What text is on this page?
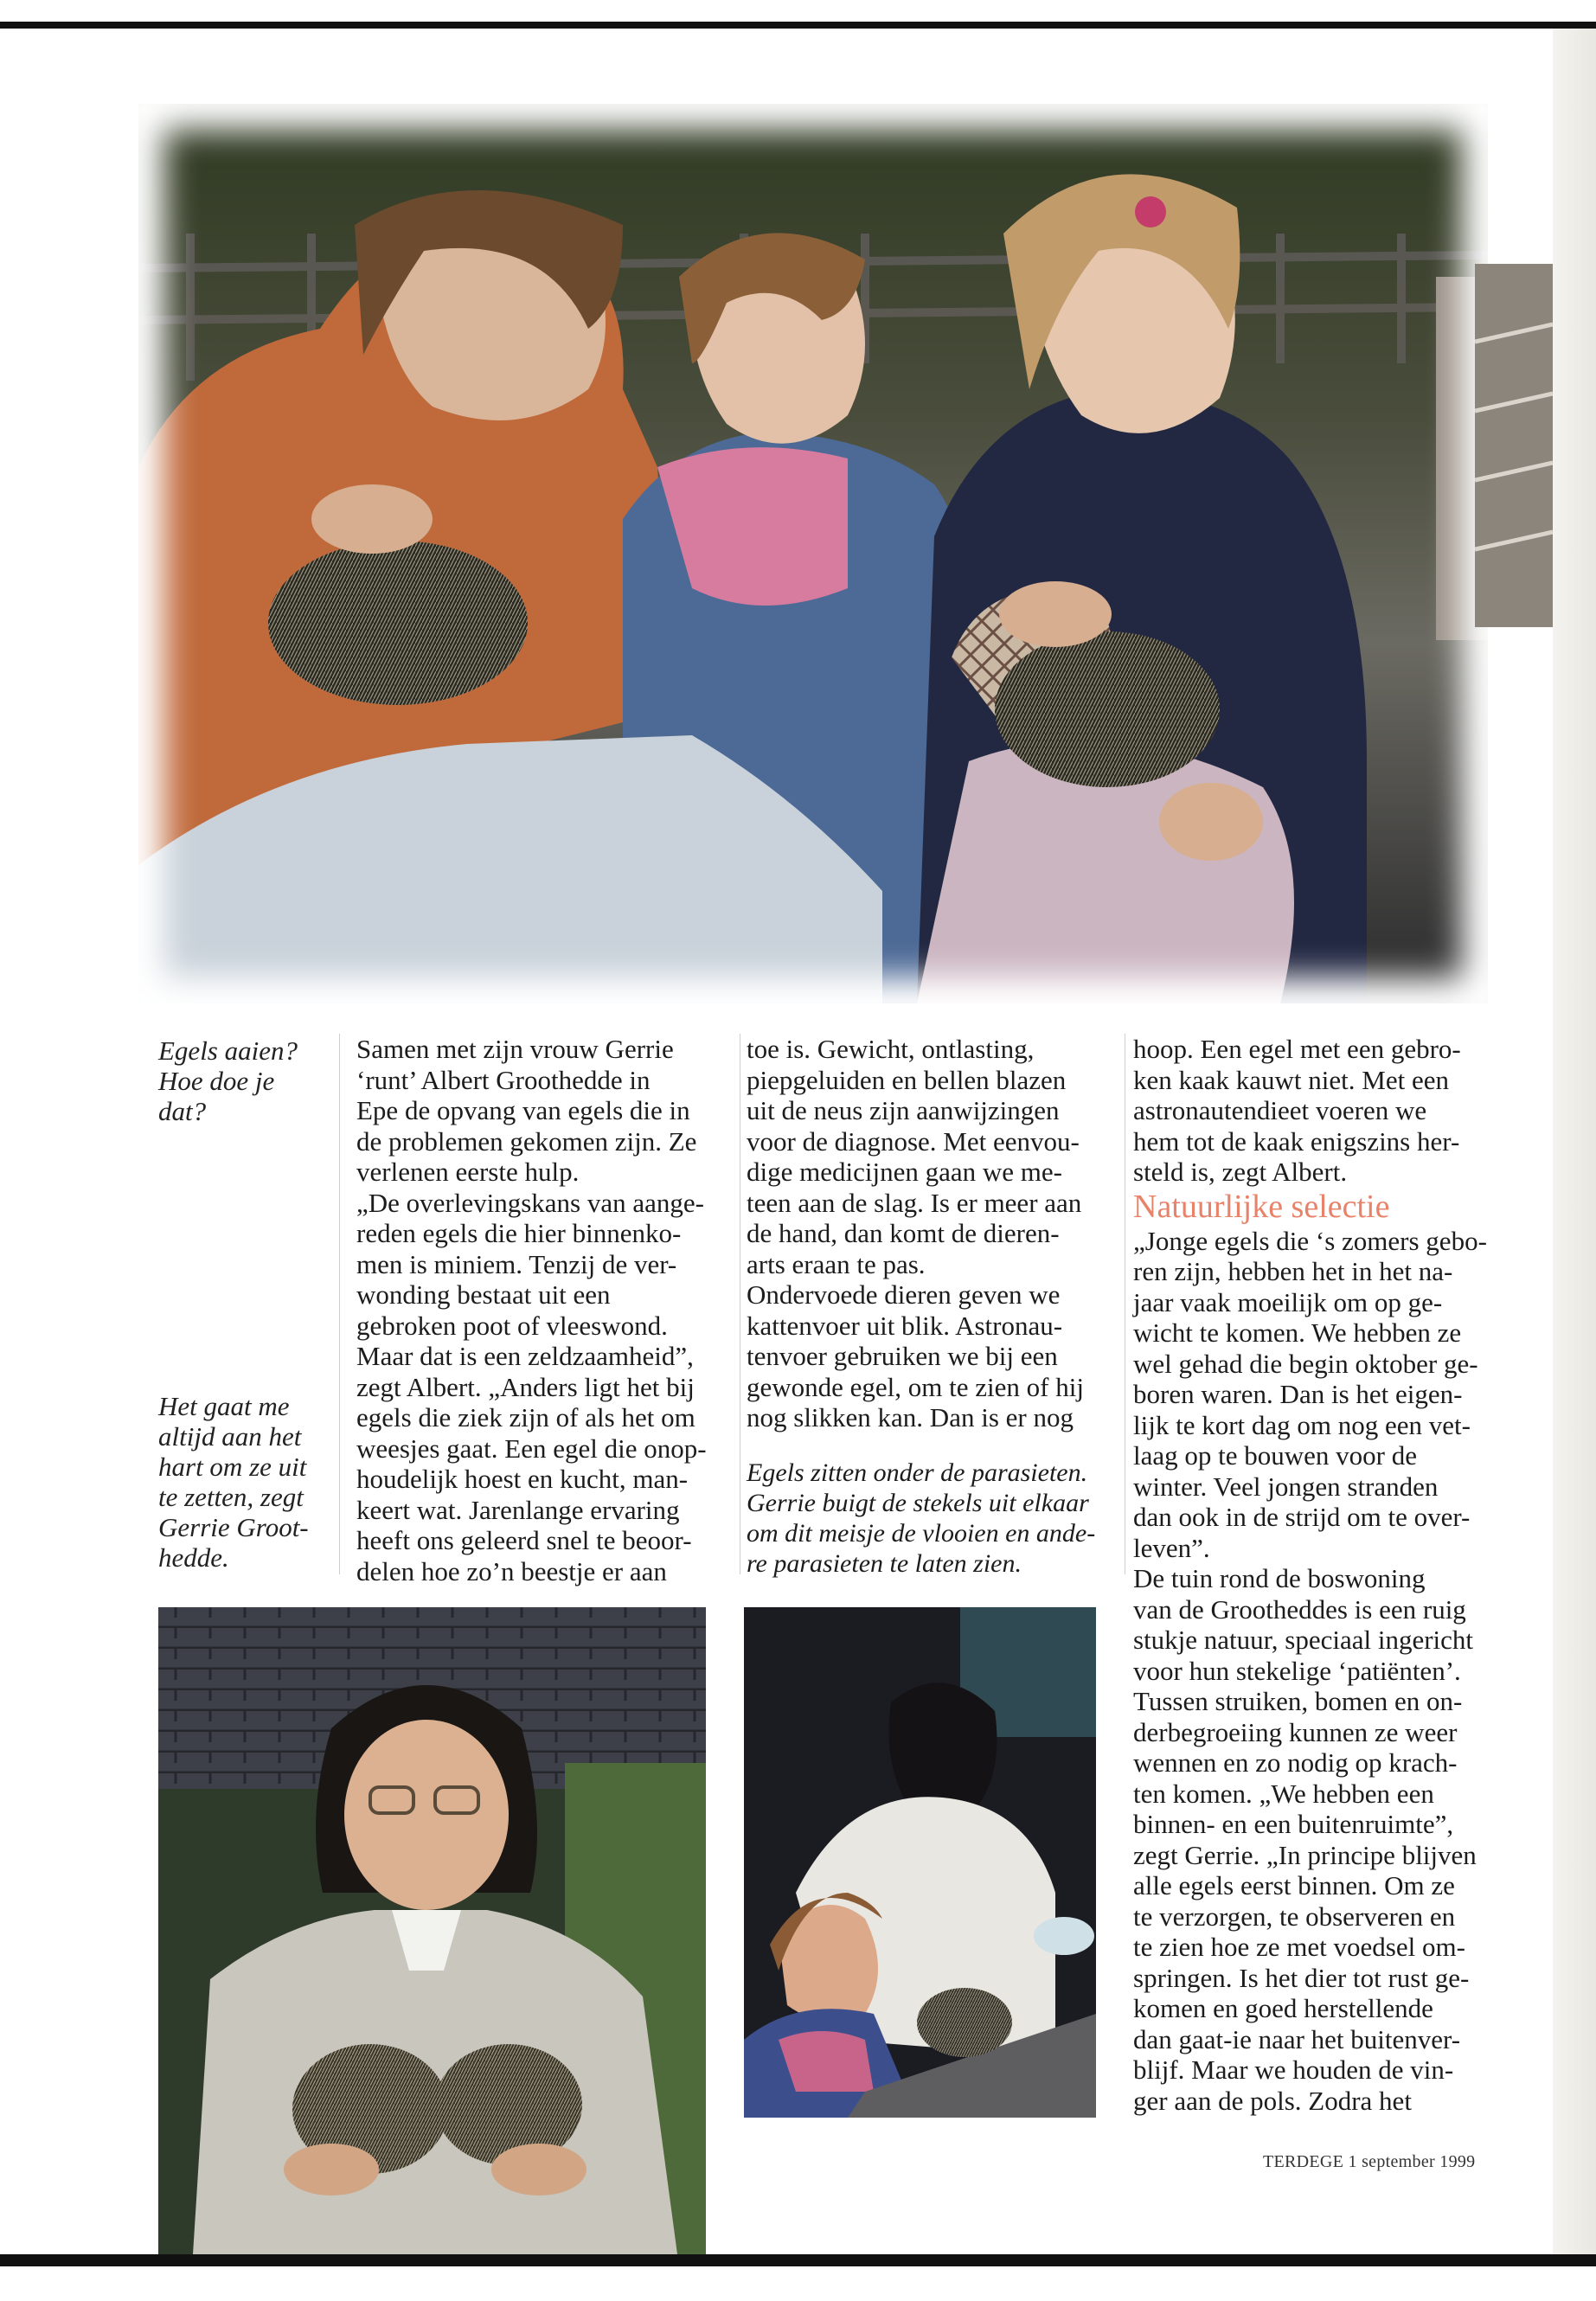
Egels aaien?

Hoe doe je

dat?

Het gaat me

altijd aan het

hart om ze uit

te zetten, zegt

Gerrie Groot-

hedde.

Samen met zijn vrouw Gerrie

‘runt’ Albert Groothedde in

Epe de opvang van egels die in

de problemen gekomen zijn. Ze

verlenen eerste hulp.

„De overlevingskans van aange-

reden egels die hier binnenko-

men is miniem. Tenzij de ver-

wonding bestaat uit een

gebroken poot of vleeswond.

Maar dat is een zeldzaamheid”,

zegt Albert. „Anders ligt het bij

egels die ziek zijn of als het om

weesjes gaat. Een egel die onop-

houdelijk hoest en kucht, man-

keert wat. Jarenlange ervaring

heeft ons geleerd snel te beoor-

delen hoe zo’n beestje er aan

toe is. Gewicht, ontlasting,

piepgeluiden en bellen blazen

uit de neus zijn aanwijzingen

voor de diagnose. Met eenvou-

dige medicijnen gaan we me-

teen aan de slag. Is er meer aan

de hand, dan komt de dieren-

arts eraan te pas.

Ondervoede dieren geven we

kattenvoer uit blik. Astronau-

tenvoer gebruiken we bij een

gewonde egel, om te zien of hij

nog slikken kan. Dan is er nog

Egels zitten onder de parasieten.

Gerrie buigt de stekels uit elkaar

om dit meisje de vlooien en ande-

re parasieten te laten zien.

hoop. Een egel met een gebro-

ken kaak kauwt niet. Met een

astronautendieet voeren we

hem tot de kaak enigszins her-

steld is, zegt Albert.

Natuurlijke selectie

„Jonge egels die ‘s zomers gebo-

ren zijn, hebben het in het na-

jaar vaak moeilijk om op ge-

wicht te komen. We hebben ze

wel gehad die begin oktober ge-

boren waren. Dan is het eigen-

lijk te kort dag om nog een vet-

laag op te bouwen voor de

winter. Veel jongen stranden

dan ook in de strijd om te over-

leven”.

De tuin rond de boswoning

van de Grootheddes is een ruig

stukje natuur, speciaal ingericht

voor hun stekelige ‘patiënten’.

Tussen struiken, bomen en on-

derbegroeiing kunnen ze weer

wennen en zo nodig op krach-

ten komen. „We hebben een

binnen- en een buitenruimte”,

zegt Gerrie. „In principe blijven

alle egels eerst binnen. Om ze

te verzorgen, te observeren en

te zien hoe ze met voedsel om-

springen. Is het dier tot rust ge-

komen en goed herstellende

dan gaat-ie naar het buitenver-

blijf. Maar we houden de vin-

ger aan de pols. Zodra het

TERDEGE 1 september 1999
